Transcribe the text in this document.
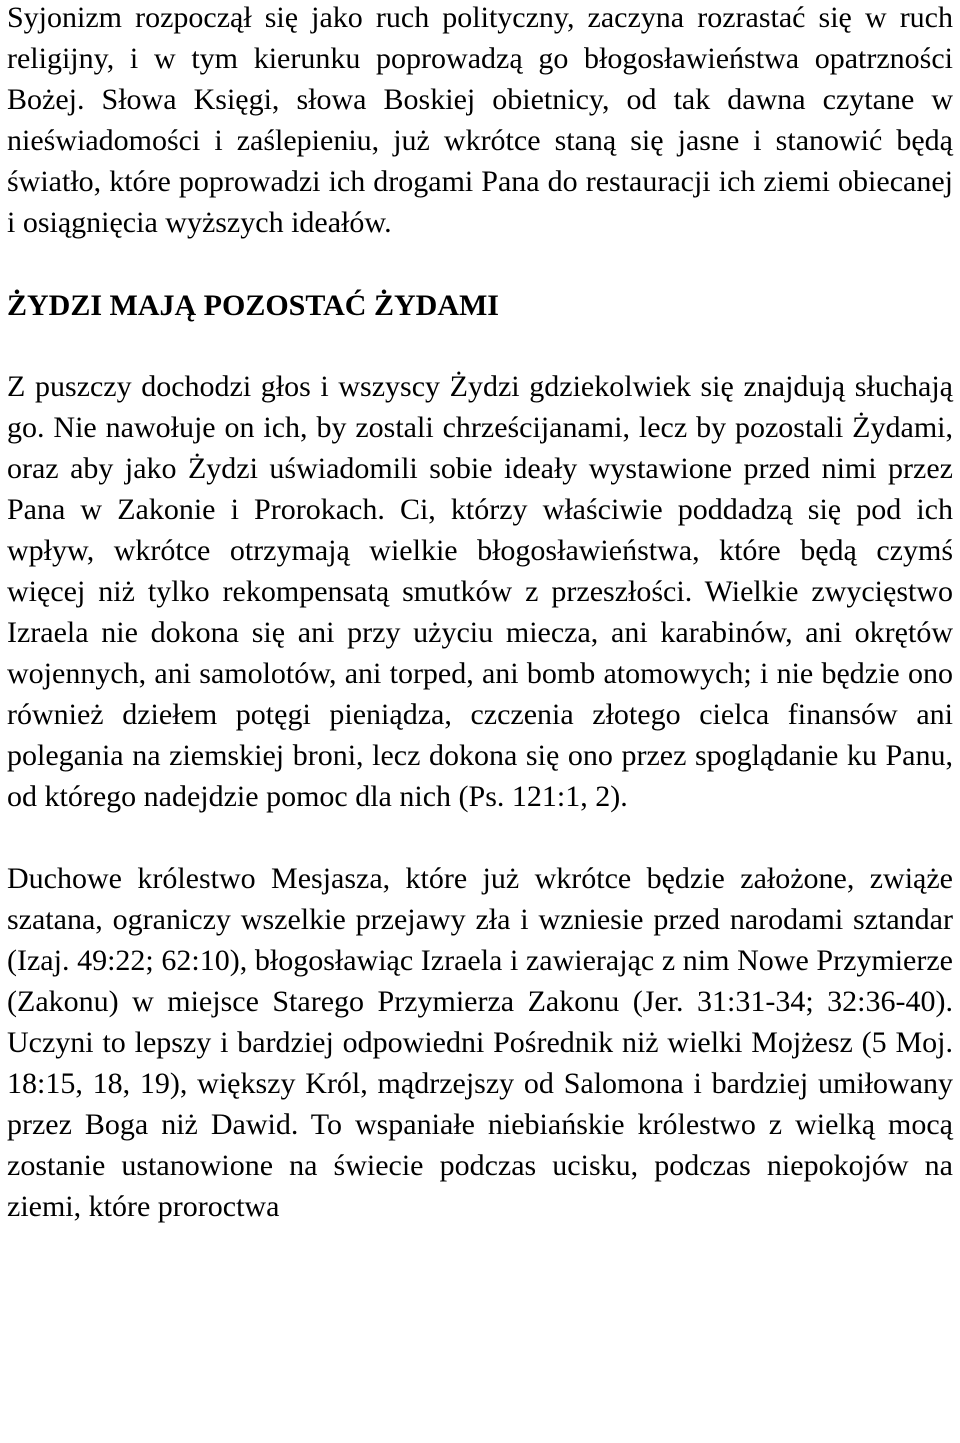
Syjonizm rozpoczął się jako ruch polityczny, zaczyna rozrastać się w ruch religijny, i w tym kierunku poprowadzą go błogosławieństwa opatrzności Bożej. Słowa Księgi, słowa Boskiej obietnicy, od tak dawna czytane w nieświadomości i zaślepieniu, już wkrótce staną się jasne i stanowić będą światło, które poprowadzi ich drogami Pana do restauracji ich ziemi obiecanej i osiągnięcia wyższych ideałów.

ŻYDZI MAJĄ POZOSTAĆ ŻYDAMI

Z puszczy dochodzi głos i wszyscy Żydzi gdziekolwiek się znajdują słuchają go. Nie nawołuje on ich, by zostali chrześcijanami, lecz by pozostali Żydami, oraz aby jako Żydzi uświadomili sobie ideały wystawione przed nimi przez Pana w Zakonie i Prorokach. Ci, którzy właściwie poddadzą się pod ich wpływ, wkrótce otrzymają wielkie błogosławieństwa, które będą czymś więcej niż tylko rekompensatą smutków z przeszłości. Wielkie zwycięstwo Izraela nie dokona się ani przy użyciu miecza, ani karabinów, ani okrętów wojennych, ani samolotów, ani torped, ani bomb atomowych; i nie będzie ono również dziełem potęgi pieniądza, czczenia złotego cielca finansów ani polegania na ziemskiej broni, lecz dokona się ono przez spoglądanie ku Panu, od którego nadejdzie pomoc dla nich (Ps. 121:1, 2).

Duchowe królestwo Mesjasza, które już wkrótce będzie założone, zwiąże szatana, ograniczy wszelkie przejawy zła i wzniesie przed narodami sztandar (Izaj. 49:22; 62:10), błogosławiąc Izraela i zawierając z nim Nowe Przymierze (Zakonu) w miejsce Starego Przymierza Zakonu (Jer. 31:31-34; 32:36-40). Uczyni to lepszy i bardziej odpowiedni Pośrednik niż wielki Mojżesz (5 Moj. 18:15, 18, 19), większy Król, mądrzejszy od Salomona i bardziej umiłowany przez Boga niż Dawid. To wspaniałe niebiańskie królestwo z wielką mocą zostanie ustanowione na świecie podczas ucisku, podczas niepokojów na ziemi, które proroctwa
